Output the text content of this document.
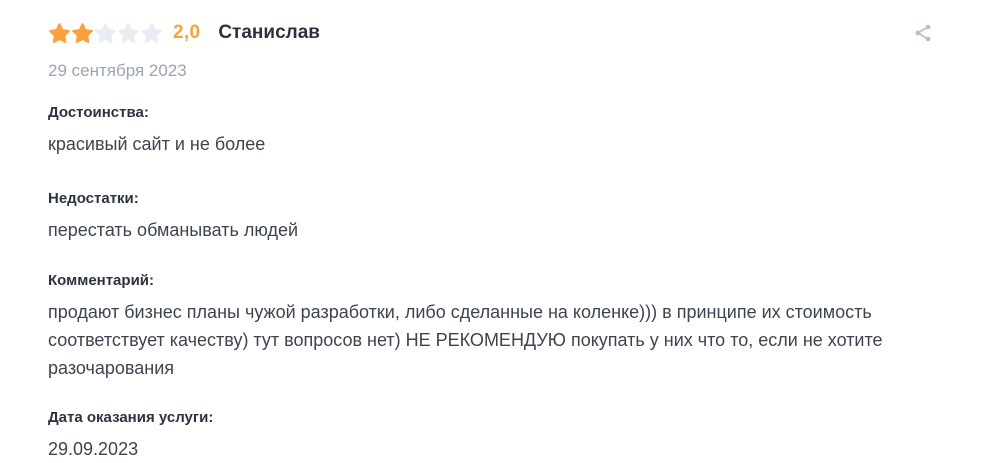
2,0 Станислав
29 сентября 2023
Достоинства:
красивый сайт и не более
Недостатки:
перестать обманывать людей
Комментарий:
продают бизнес планы чужой разработки, либо сделанные на коленке))) в принципе их стоимость соответствует качеству) тут вопросов нет) НЕ РЕКОМЕНДУЮ покупать у них что то, если не хотите разочарования
Дата оказания услуги:
29.09.2023
